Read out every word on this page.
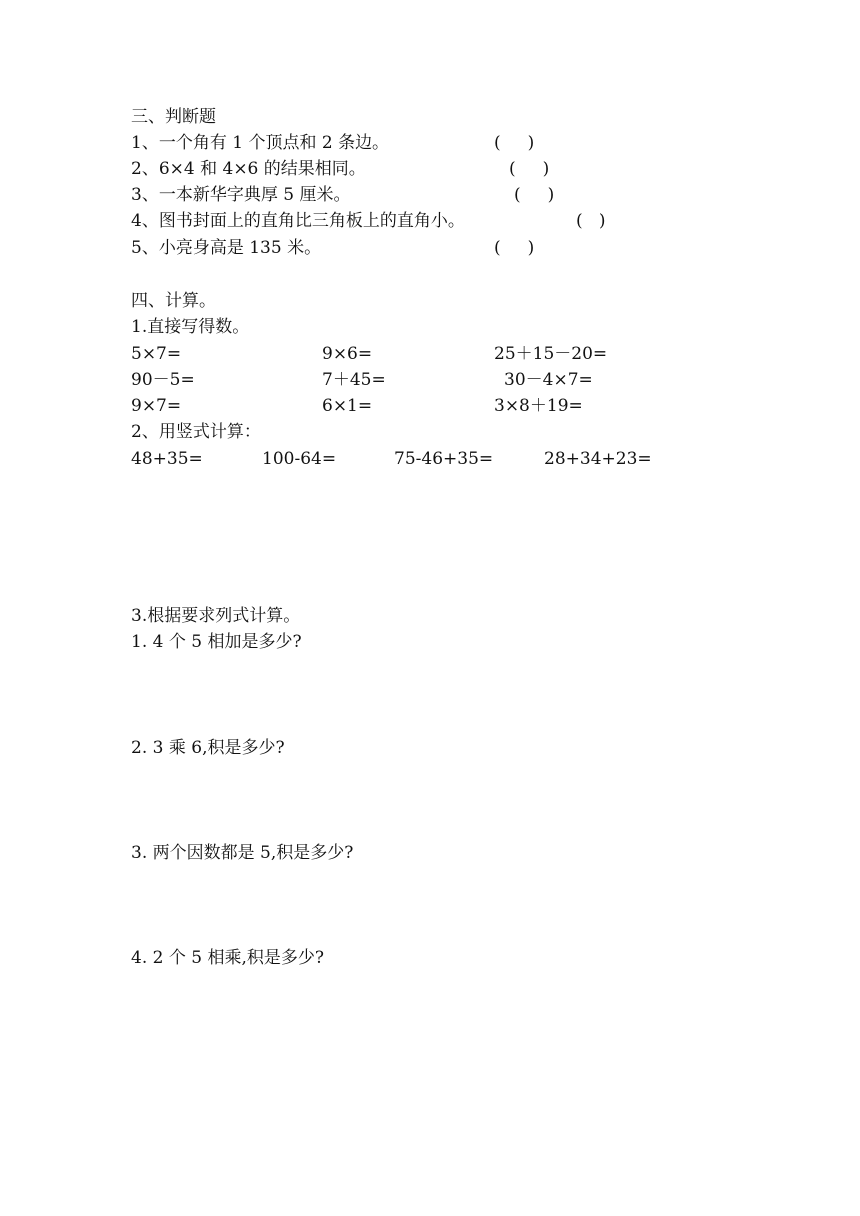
三、判断题
1、一个角有 1 个顶点和 2 条边。	(     )
2、6×4 和 4×6 的结果相同。	(     )
3、一本新华字典厚 5 厘米。	(     )
4、图书封面上的直角比三角板上的直角小。	(   )
5、小亮身高是 135 米。	(     )
四、计算。
1.直接写得数。
5×7=	9×6=	25＋15－20=
90－5=	7＋45=	30－4×7=
9×7=	6×1=	3×8＋19=
2、用竖式计算：
48+35=	100-64=	75-46+35=	28+34+23=
3.根据要求列式计算。
1. 4 个 5 相加是多少?
2. 3 乘 6,积是多少?
3. 两个因数都是 5,积是多少?
4. 2 个 5 相乘,积是多少?
